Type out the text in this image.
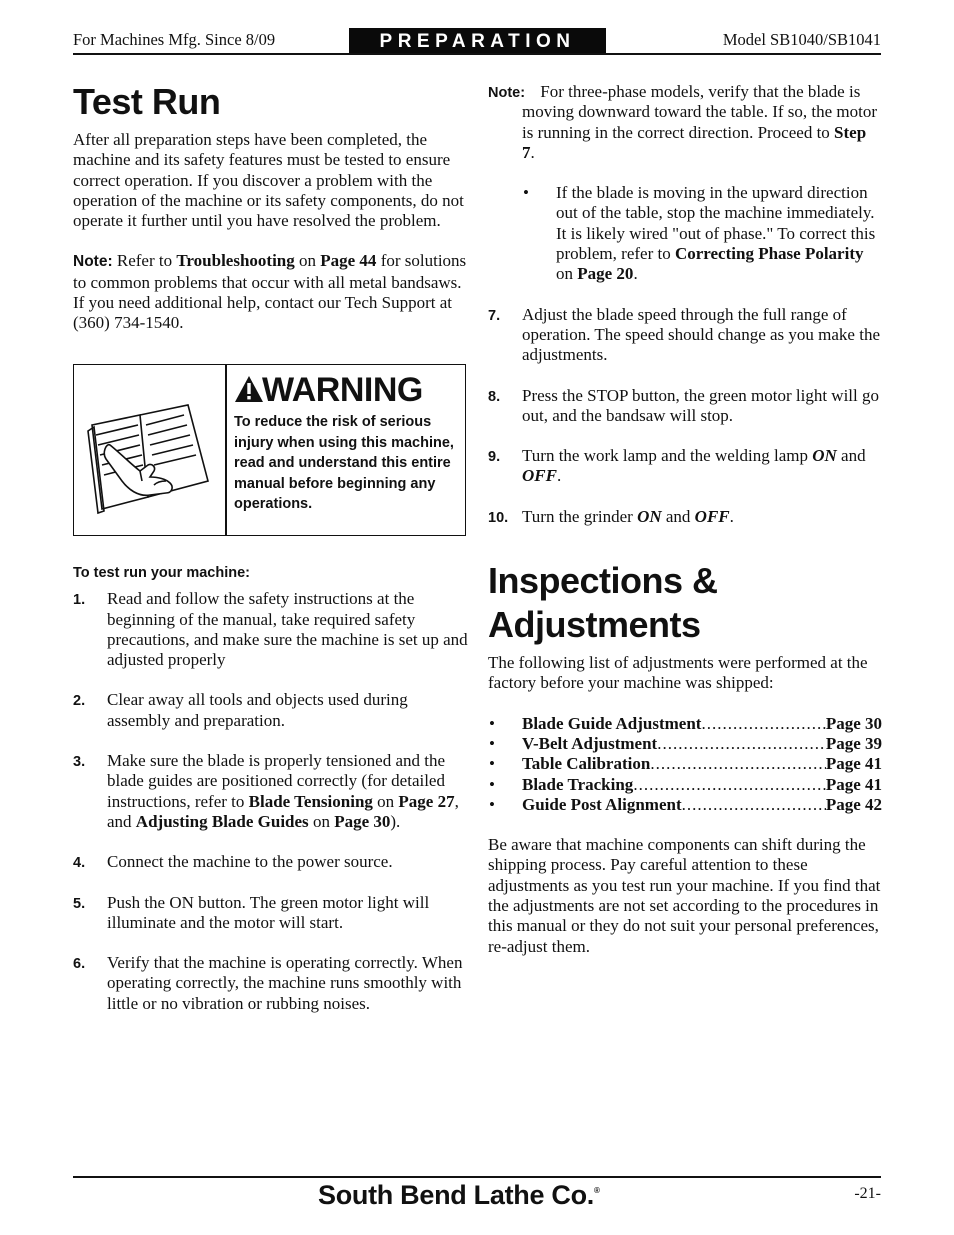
For Machines Mfg. Since 8/09	PREPARATION	Model SB1040/SB1041
Test Run

After all preparation steps have been completed, the machine and its safety features must be tested to ensure correct operation. If you discover a problem with the operation of the machine or its safety components, do not operate it further until you have resolved the problem.

Note: Refer to Troubleshooting on Page 44 for solutions to common problems that occur with all metal bandsaws. If you need additional help, contact our Tech Support at (360) 734-1540.

WARNING
To reduce the risk of serious injury when using this machine, read and understand this entire manual before beginning any operations.
To test run your machine:
1. Read and follow the safety instructions at the beginning of the manual, take required safety precautions, and make sure the machine is set up and adjusted properly
2. Clear away all tools and objects used during assembly and preparation.
3. Make sure the blade is properly tensioned and the blade guides are positioned correctly (for detailed instructions, refer to Blade Tensioning on Page 27, and Adjusting Blade Guides on Page 30).
4. Connect the machine to the power source.
5. Push the ON button. The green motor light will illuminate and the motor will start.
6. Verify that the machine is operating correctly. When operating correctly, the machine runs smoothly with little or no vibration or rubbing noises.
Note: For three-phase models, verify that the blade is moving downward toward the table. If so, the motor is running in the correct direction. Proceed to Step 7.
• If the blade is moving in the upward direction out of the table, stop the machine immediately. It is likely wired "out of phase." To correct this problem, refer to Correcting Phase Polarity on Page 20.
7. Adjust the blade speed through the full range of operation. The speed should change as you make the adjustments.
8. Press the STOP button, the green motor light will go out, and the bandsaw will stop.
9. Turn the work lamp and the welding lamp ON and OFF.
10. Turn the grinder ON and OFF.
Inspections &
Adjustments

The following list of adjustments were performed at the factory before your machine was shipped:

• Blade Guide Adjustment .....	Page 30
• V-Belt Adjustment .....	Page 39
• Table Calibration .....	Page 41
• Blade Tracking .....	Page 41
• Guide Post Alignment .....	Page 42

Be aware that machine components can shift during the shipping process. Pay careful attention to these adjustments as you test run your machine. If you find that the adjustments are not set according to the procedures in this manual or they do not suit your personal preferences, re-adjust them.

South Bend Lathe Co.®	-21-
